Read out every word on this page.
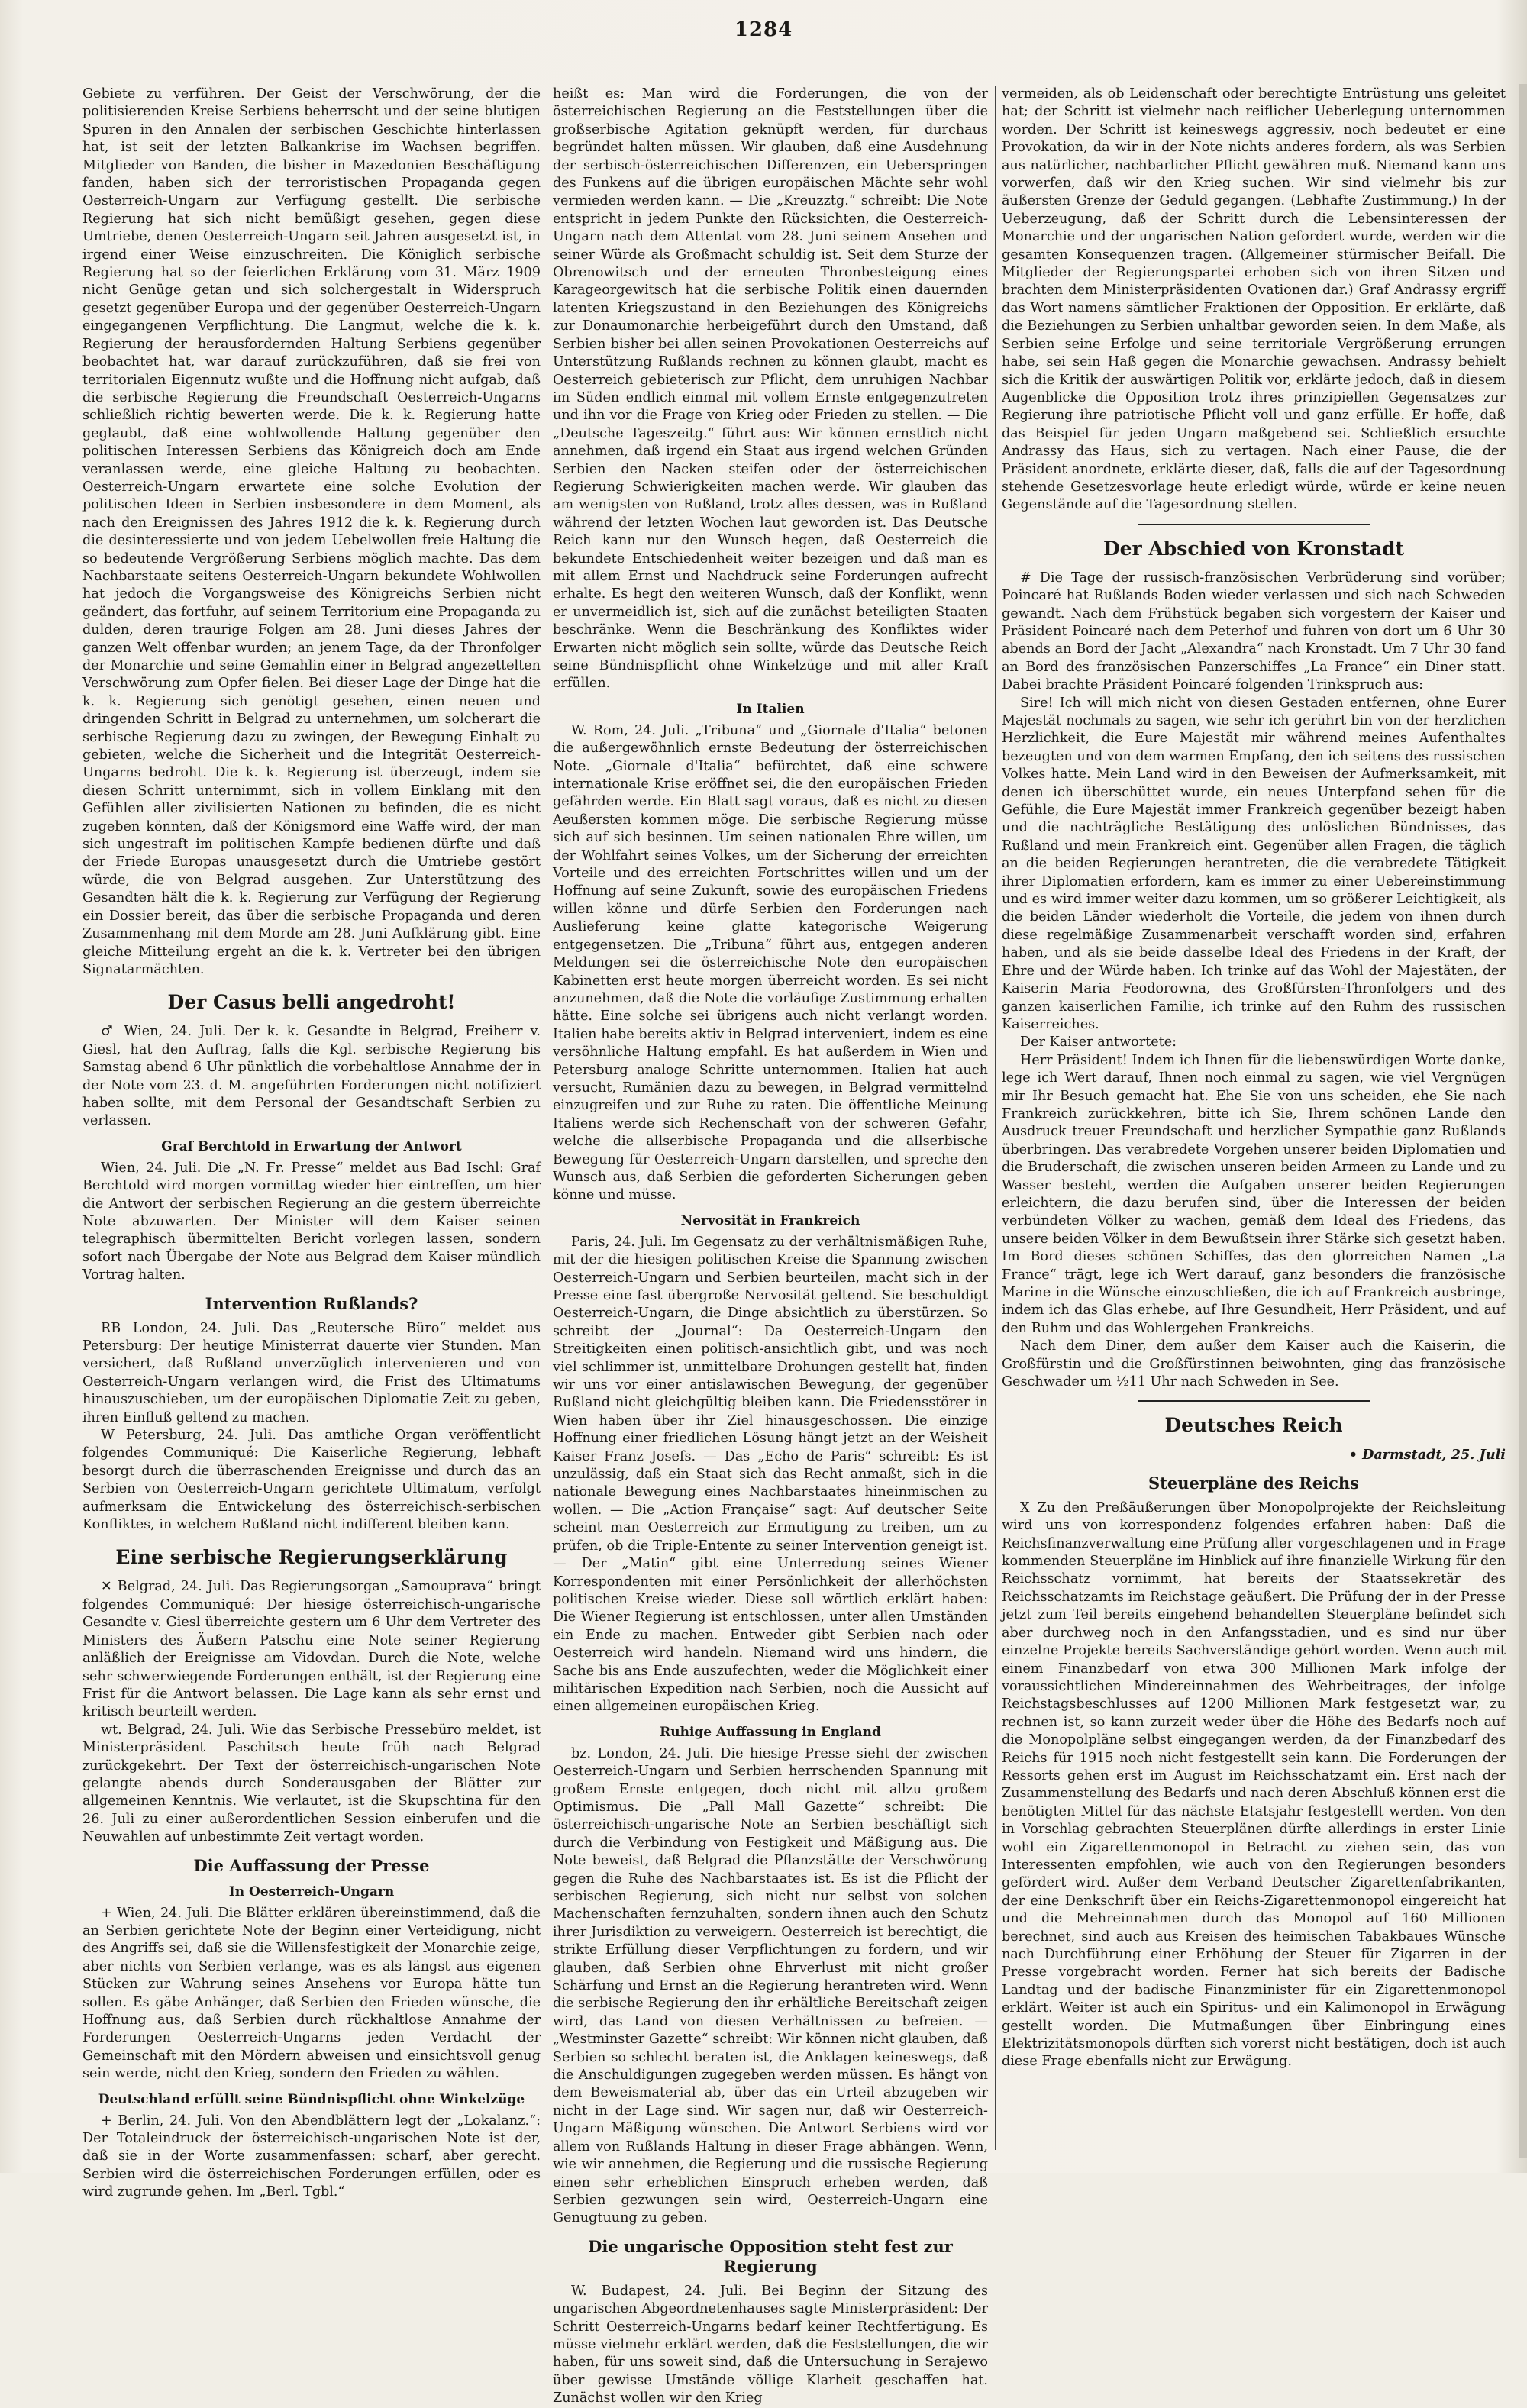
1284

Gebiete zu verführen. Der Geist der Verschwörung, der die politisierenden Kreise Serbiens beherrscht und der seine blutigen Spuren in den Annalen der serbischen Geschichte hinterlassen hat, ist seit der letzten Balkankrise im Wachsen begriffen. Mitglieder von Banden, die bisher in Mazedonien Beschäftigung fanden, haben sich der terroristischen Propaganda gegen Oesterreich-Ungarn zur Verfügung gestellt. Die serbische Regierung hat sich nicht bemüßigt gesehen, gegen diese Umtriebe, denen Oesterreich-Ungarn seit Jahren ausgesetzt ist, in irgend einer Weise einzuschreiten. Die Königlich serbische Regierung hat so der feierlichen Erklärung vom 31. März 1909 nicht Genüge getan und sich solchergestalt in Widerspruch gesetzt gegenüber Europa und der gegenüber Oesterreich-Ungarn eingegangenen Verpflichtung. Die Langmut, welche die k. k. Regierung der herausfordernden Haltung Serbiens gegenüber beobachtet hat, war darauf zurückzuführen, daß sie frei von territorialen Eigennutz wußte und die Hoffnung nicht aufgab, daß die serbische Regierung die Freundschaft Oesterreich-Ungarns schließlich richtig bewerten werde. Die k. k. Regierung hatte geglaubt, daß eine wohlwollende Haltung gegenüber den politischen Interessen Serbiens das Königreich doch am Ende veranlassen werde, eine gleiche Haltung zu beobachten. Oesterreich-Ungarn erwartete eine solche Evolution der politischen Ideen in Serbien insbesondere in dem Moment, als nach den Ereignissen des Jahres 1912 die k. k. Regierung durch die desinteressierte und von jedem Uebelwollen freie Haltung die so bedeutende Vergrößerung Serbiens möglich machte. Das dem Nachbarstaate seitens Oesterreich-Ungarn bekundete Wohlwollen hat jedoch die Vorgangsweise des Königreichs Serbien nicht geändert, das fortfuhr, auf seinem Territorium eine Propaganda zu dulden, deren traurige Folgen am 28. Juni dieses Jahres der ganzen Welt offenbar wurden; an jenem Tage, da der Thronfolger der Monarchie und seine Gemahlin einer in Belgrad angezettelten Verschwörung zum Opfer fielen. Bei dieser Lage der Dinge hat die k. k. Regierung sich genötigt gesehen, einen neuen und dringenden Schritt in Belgrad zu unternehmen, um solcherart die serbische Regierung dazu zu zwingen, der Bewegung Einhalt zu gebieten, welche die Sicherheit und die Integrität Oesterreich-Ungarns bedroht. Die k. k. Regierung ist überzeugt, indem sie diesen Schritt unternimmt, sich in vollem Einklang mit den Gefühlen aller zivilisierten Nationen zu befinden, die es nicht zugeben könnten, daß der Königsmord eine Waffe wird, der man sich ungestraft im politischen Kampfe bedienen dürfte und daß der Friede Europas unausgesetzt durch die Umtriebe gestört würde, die von Belgrad ausgehen. Zur Unterstützung des Gesandten hält die k. k. Regierung zur Verfügung der Regierung ein Dossier bereit, das über die serbische Propaganda und deren Zusammenhang mit dem Morde am 28. Juni Aufklärung gibt. Eine gleiche Mitteilung ergeht an die k. k. Vertreter bei den übrigen Signatarmächten.

Der Casus belli angedroht!

♂ Wien, 24. Juli. Der k. k. Gesandte in Belgrad, Freiherr v. Giesl, hat den Auftrag, falls die Kgl. serbische Regierung bis Samstag abend 6 Uhr pünktlich die vorbehaltlose Annahme der in der Note vom 23. d. M. angeführten Forderungen nicht notifiziert haben sollte, mit dem Personal der Gesandtschaft Serbien zu verlassen.

Graf Berchtold in Erwartung der Antwort

Wien, 24. Juli. Die „N. Fr. Presse“ meldet aus Bad Ischl: Graf Berchtold wird morgen vormittag wieder hier eintreffen, um hier die Antwort der serbischen Regierung an die gestern überreichte Note abzuwarten. Der Minister will dem Kaiser seinen telegraphisch übermittelten Bericht vorlegen lassen, sondern sofort nach Übergabe der Note aus Belgrad dem Kaiser mündlich Vortrag halten.

Intervention Rußlands?

RB London, 24. Juli. Das „Reutersche Büro“ meldet aus Petersburg: Der heutige Ministerrat dauerte vier Stunden. Man versichert, daß Rußland unverzüglich intervenieren und von Oesterreich-Ungarn verlangen wird, die Frist des Ultimatums hinauszuschieben, um der europäischen Diplomatie Zeit zu geben, ihren Einfluß geltend zu machen.

W Petersburg, 24. Juli. Das amtliche Organ veröffentlicht folgendes Communiqué: Die Kaiserliche Regierung, lebhaft besorgt durch die überraschenden Ereignisse und durch das an Serbien von Oesterreich-Ungarn gerichtete Ultimatum, verfolgt aufmerksam die Entwickelung des österreichisch-serbischen Konfliktes, in welchem Rußland nicht indifferent bleiben kann.

Eine serbische Regierungserklärung

✕ Belgrad, 24. Juli. Das Regierungsorgan „Samouprava“ bringt folgendes Communiqué: Der hiesige österreichisch-ungarische Gesandte v. Giesl überreichte gestern um 6 Uhr dem Vertreter des Ministers des Äußern Patschu eine Note seiner Regierung anläßlich der Ereignisse am Vidovdan. Durch die Note, welche sehr schwerwiegende Forderungen enthält, ist der Regierung eine Frist für die Antwort belassen. Die Lage kann als sehr ernst und kritisch beurteilt werden.

wt. Belgrad, 24. Juli. Wie das Serbische Pressebüro meldet, ist Ministerpräsident Paschitsch heute früh nach Belgrad zurückgekehrt. Der Text der österreichisch-ungarischen Note gelangte abends durch Sonderausgaben der Blätter zur allgemeinen Kenntnis. Wie verlautet, ist die Skupschtina für den 26. Juli zu einer außerordentlichen Session einberufen und die Neuwahlen auf unbestimmte Zeit vertagt worden.

Die Auffassung der Presse
In Oesterreich-Ungarn

+ Wien, 24. Juli. Die Blätter erklären übereinstimmend, daß die an Serbien gerichtete Note der Beginn einer Verteidigung, nicht des Angriffs sei, daß sie die Willensfestigkeit der Monarchie zeige, aber nichts von Serbien verlange, was es als längst aus eigenen Stücken zur Wahrung seines Ansehens vor Europa hätte tun sollen. Es gäbe Anhänger, daß Serbien den Frieden wünsche, die Hoffnung aus, daß Serbien durch rückhaltlose Annahme der Forderungen Oesterreich-Ungarns jeden Verdacht der Gemeinschaft mit den Mördern abweisen und einsichtsvoll genug sein werde, nicht den Krieg, sondern den Frieden zu wählen.

Deutschland erfüllt seine Bündnispflicht ohne Winkelzüge

+ Berlin, 24. Juli. Von den Abendblättern legt der „Lokalanz.“: Der Totaleindruck der österreichisch-ungarischen Note ist der, daß sie in der Worte zusammenfassen: scharf, aber gerecht. Serbien wird die österreichischen Forderungen erfüllen, oder es wird zugrunde gehen. Im „Berl. Tgbl.“

heißt es: Man wird die Forderungen, die von der österreichischen Regierung an die Feststellungen über die großserbische Agitation geknüpft werden, für durchaus begründet halten müssen. Wir glauben, daß eine Ausdehnung der serbisch-österreichischen Differenzen, ein Ueberspringen des Funkens auf die übrigen europäischen Mächte sehr wohl vermieden werden kann. — Die „Kreuzztg.“ schreibt: Die Note entspricht in jedem Punkte den Rücksichten, die Oesterreich-Ungarn nach dem Attentat vom 28. Juni seinem Ansehen und seiner Würde als Großmacht schuldig ist. Seit dem Sturze der Obrenowitsch und der erneuten Thronbesteigung eines Karageorgewitsch hat die serbische Politik einen dauernden latenten Kriegszustand in den Beziehungen des Königreichs zur Donaumonarchie herbeigeführt durch den Umstand, daß Serbien bisher bei allen seinen Provokationen Oesterreichs auf Unterstützung Rußlands rechnen zu können glaubt, macht es Oesterreich gebieterisch zur Pflicht, dem unruhigen Nachbar im Süden endlich einmal mit vollem Ernste entgegenzutreten und ihn vor die Frage von Krieg oder Frieden zu stellen. — Die „Deutsche Tageszeitg.“ führt aus: Wir können ernstlich nicht annehmen, daß irgend ein Staat aus irgend welchen Gründen Serbien den Nacken steifen oder der österreichischen Regierung Schwierigkeiten machen werde. Wir glauben das am wenigsten von Rußland, trotz alles dessen, was in Rußland während der letzten Wochen laut geworden ist. Das Deutsche Reich kann nur den Wunsch hegen, daß Oesterreich die bekundete Entschiedenheit weiter bezeigen und daß man es mit allem Ernst und Nachdruck seine Forderungen aufrecht erhalte. Es hegt den weiteren Wunsch, daß der Konflikt, wenn er unvermeidlich ist, sich auf die zunächst beteiligten Staaten beschränke. Wenn die Beschränkung des Konfliktes wider Erwarten nicht möglich sein sollte, würde das Deutsche Reich seine Bündnispflicht ohne Winkelzüge und mit aller Kraft erfüllen.

In Italien

W. Rom, 24. Juli. „Tribuna“ und „Giornale d'Italia“ betonen die außergewöhnlich ernste Bedeutung der österreichischen Note. „Giornale d'Italia“ befürchtet, daß eine schwere internationale Krise eröffnet sei, die den europäischen Frieden gefährden werde. Ein Blatt sagt voraus, daß es nicht zu diesen Aeußersten kommen möge. Die serbische Regierung müsse sich auf sich besinnen. Um seinen nationalen Ehre willen, um der Wohlfahrt seines Volkes, um der Sicherung der erreichten Vorteile und des erreichten Fortschrittes willen und um der Hoffnung auf seine Zukunft, sowie des europäischen Friedens willen könne und dürfe Serbien den Forderungen nach Auslieferung keine glatte kategorische Weigerung entgegensetzen. Die „Tribuna“ führt aus, entgegen anderen Meldungen sei die österreichische Note den europäischen Kabinetten erst heute morgen überreicht worden. Es sei nicht anzunehmen, daß die Note die vorläufige Zustimmung erhalten hätte. Eine solche sei übrigens auch nicht verlangt worden. Italien habe bereits aktiv in Belgrad interveniert, indem es eine versöhnliche Haltung empfahl. Es hat außerdem in Wien und Petersburg analoge Schritte unternommen. Italien hat auch versucht, Rumänien dazu zu bewegen, in Belgrad vermittelnd einzugreifen und zur Ruhe zu raten. Die öffentliche Meinung Italiens werde sich Rechenschaft von der schweren Gefahr, welche die allserbische Propaganda und die allserbische Bewegung für Oesterreich-Ungarn darstellen, und spreche den Wunsch aus, daß Serbien die geforderten Sicherungen geben könne und müsse.

Nervosität in Frankreich

Paris, 24. Juli. Im Gegensatz zu der verhältnismäßigen Ruhe, mit der die hiesigen politischen Kreise die Spannung zwischen Oesterreich-Ungarn und Serbien beurteilen, macht sich in der Presse eine fast übergroße Nervosität geltend. Sie beschuldigt Oesterreich-Ungarn, die Dinge absichtlich zu überstürzen. So schreibt der „Journal“: Da Oesterreich-Ungarn den Streitigkeiten einen politisch-ansichtlich gibt, und was noch viel schlimmer ist, unmittelbare Drohungen gestellt hat, finden wir uns vor einer antislawischen Bewegung, der gegenüber Rußland nicht gleichgültig bleiben kann. Die Friedensstörer in Wien haben über ihr Ziel hinausgeschossen. Die einzige Hoffnung einer friedlichen Lösung hängt jetzt an der Weisheit Kaiser Franz Josefs. — Das „Echo de Paris“ schreibt: Es ist unzulässig, daß ein Staat sich das Recht anmaßt, sich in die nationale Bewegung eines Nachbarstaates hineinmischen zu wollen. — Die „Action Française“ sagt: Auf deutscher Seite scheint man Oesterreich zur Ermutigung zu treiben, um zu prüfen, ob die Triple-Entente zu seiner Intervention geneigt ist. — Der „Matin“ gibt eine Unterredung seines Wiener Korrespondenten mit einer Persönlichkeit der allerhöchsten politischen Kreise wieder. Diese soll wörtlich erklärt haben: Die Wiener Regierung ist entschlossen, unter allen Umständen ein Ende zu machen. Entweder gibt Serbien nach oder Oesterreich wird handeln. Niemand wird uns hindern, die Sache bis ans Ende auszufechten, weder die Möglichkeit einer militärischen Expedition nach Serbien, noch die Aussicht auf einen allgemeinen europäischen Krieg.

Ruhige Auffassung in England

bz. London, 24. Juli. Die hiesige Presse sieht der zwischen Oesterreich-Ungarn und Serbien herrschenden Spannung mit großem Ernste entgegen, doch nicht mit allzu großem Optimismus. Die „Pall Mall Gazette“ schreibt: Die österreichisch-ungarische Note an Serbien beschäftigt sich durch die Verbindung von Festigkeit und Mäßigung aus. Die Note beweist, daß Belgrad die Pflanzstätte der Verschwörung gegen die Ruhe des Nachbarstaates ist. Es ist die Pflicht der serbischen Regierung, sich nicht nur selbst von solchen Machenschaften fernzuhalten, sondern ihnen auch den Schutz ihrer Jurisdiktion zu verweigern. Oesterreich ist berechtigt, die strikte Erfüllung dieser Verpflichtungen zu fordern, und wir glauben, daß Serbien ohne Ehrverlust mit nicht großer Schärfung und Ernst an die Regierung herantreten wird. Wenn die serbische Regierung den ihr erhältliche Bereitschaft zeigen wird, das Land von diesen Verhältnissen zu befreien. — „Westminster Gazette“ schreibt: Wir können nicht glauben, daß Serbien so schlecht beraten ist, die Anklagen keineswegs, daß die Anschuldigungen zugegeben werden müssen. Es hängt von dem Beweismaterial ab, über das ein Urteil abzugeben wir nicht in der Lage sind. Wir sagen nur, daß wir Oesterreich-Ungarn Mäßigung wünschen. Die Antwort Serbiens wird vor allem von Rußlands Haltung in dieser Frage abhängen. Wenn, wie wir annehmen, die Regierung und die russische Regierung einen sehr erheblichen Einspruch erheben werden, daß Serbien gezwungen sein wird, Oesterreich-Ungarn eine Genugtuung zu geben.

Die ungarische Opposition steht fest zur Regierung

W. Budapest, 24. Juli. Bei Beginn der Sitzung des ungarischen Abgeordnetenhauses sagte Ministerpräsident: Der Schritt Oesterreich-Ungarns bedarf keiner Rechtfertigung. Es müsse vielmehr erklärt werden, daß die Feststellungen, die wir haben, für uns soweit sind, daß die Untersuchung in Serajewo über gewisse Umstände völlige Klarheit geschaffen hat. Zunächst wollen wir den Krieg

vermeiden, als ob Leidenschaft oder berechtigte Entrüstung uns geleitet hat; der Schritt ist vielmehr nach reiflicher Ueberlegung unternommen worden. Der Schritt ist keineswegs aggressiv, noch bedeutet er eine Provokation, da wir in der Note nichts anderes fordern, als was Serbien aus natürlicher, nachbarlicher Pflicht gewähren muß. Niemand kann uns vorwerfen, daß wir den Krieg suchen. Wir sind vielmehr bis zur äußersten Grenze der Geduld gegangen. (Lebhafte Zustimmung.) In der Ueberzeugung, daß der Schritt durch die Lebensinteressen der Monarchie und der ungarischen Nation gefordert wurde, werden wir die gesamten Konsequenzen tragen. (Allgemeiner stürmischer Beifall. Die Mitglieder der Regierungspartei erhoben sich von ihren Sitzen und brachten dem Ministerpräsidenten Ovationen dar.) Graf Andrassy ergriff das Wort namens sämtlicher Fraktionen der Opposition. Er erklärte, daß die Beziehungen zu Serbien unhaltbar geworden seien. In dem Maße, als Serbien seine Erfolge und seine territoriale Vergrößerung errungen habe, sei sein Haß gegen die Monarchie gewachsen. Andrassy behielt sich die Kritik der auswärtigen Politik vor, erklärte jedoch, daß in diesem Augenblicke die Opposition trotz ihres prinzipiellen Gegensatzes zur Regierung ihre patriotische Pflicht voll und ganz erfülle. Er hoffe, daß das Beispiel für jeden Ungarn maßgebend sei. Schließlich ersuchte Andrassy das Haus, sich zu vertagen. Nach einer Pause, die der Präsident anordnete, erklärte dieser, daß, falls die auf der Tagesordnung stehende Gesetzesvorlage heute erledigt würde, würde er keine neuen Gegenstände auf die Tagesordnung stellen.

Der Abschied von Kronstadt

# Die Tage der russisch-französischen Verbrüderung sind vorüber; Poincaré hat Rußlands Boden wieder verlassen und sich nach Schweden gewandt. Nach dem Frühstück begaben sich vorgestern der Kaiser und Präsident Poincaré nach dem Peterhof und fuhren von dort um 6 Uhr 30 abends an Bord der Jacht „Alexandra“ nach Kronstadt. Um 7 Uhr 30 fand an Bord des französischen Panzerschiffes „La France“ ein Diner statt. Dabei brachte Präsident Poincaré folgenden Trinkspruch aus:

Sire! Ich will mich nicht von diesen Gestaden entfernen, ohne Eurer Majestät nochmals zu sagen, wie sehr ich gerührt bin von der herzlichen Herzlichkeit, die Eure Majestät mir während meines Aufenthaltes bezeugten und von dem warmen Empfang, den ich seitens des russischen Volkes hatte. Mein Land wird in den Beweisen der Aufmerksamkeit, mit denen ich überschüttet wurde, ein neues Unterpfand sehen für die Gefühle, die Eure Majestät immer Frankreich gegenüber bezeigt haben und die nachträgliche Bestätigung des unlöslichen Bündnisses, das Rußland und mein Frankreich eint. Gegenüber allen Fragen, die täglich an die beiden Regierungen herantreten, die die verabredete Tätigkeit ihrer Diplomatien erfordern, kam es immer zu einer Uebereinstimmung und es wird immer weiter dazu kommen, um so größerer Leichtigkeit, als die beiden Länder wiederholt die Vorteile, die jedem von ihnen durch diese regelmäßige Zusammenarbeit verschafft worden sind, erfahren haben, und als sie beide dasselbe Ideal des Friedens in der Kraft, der Ehre und der Würde haben. Ich trinke auf das Wohl der Majestäten, der Kaiserin Maria Feodorowna, des Großfürsten-Thronfolgers und des ganzen kaiserlichen Familie, ich trinke auf den Ruhm des russischen Kaiserreiches.

Der Kaiser antwortete:

Herr Präsident! Indem ich Ihnen für die liebenswürdigen Worte danke, lege ich Wert darauf, Ihnen noch einmal zu sagen, wie viel Vergnügen mir Ihr Besuch gemacht hat. Ehe Sie von uns scheiden, ehe Sie nach Frankreich zurückkehren, bitte ich Sie, Ihrem schönen Lande den Ausdruck treuer Freundschaft und herzlicher Sympathie ganz Rußlands überbringen. Das verabredete Vorgehen unserer beiden Diplomatien und die Bruderschaft, die zwischen unseren beiden Armeen zu Lande und zu Wasser besteht, werden die Aufgaben unserer beiden Regierungen erleichtern, die dazu berufen sind, über die Interessen der beiden verbündeten Völker zu wachen, gemäß dem Ideal des Friedens, das unsere beiden Völker in dem Bewußtsein ihrer Stärke sich gesetzt haben. Im Bord dieses schönen Schiffes, das den glorreichen Namen „La France“ trägt, lege ich Wert darauf, ganz besonders die französische Marine in die Wünsche einzuschließen, die ich auf Frankreich ausbringe, indem ich das Glas erhebe, auf Ihre Gesundheit, Herr Präsident, und auf den Ruhm und das Wohlergehen Frankreichs.

Nach dem Diner, dem außer dem Kaiser auch die Kaiserin, die Großfürstin und die Großfürstinnen beiwohnten, ging das französische Geschwader um ½11 Uhr nach Schweden in See.

Deutsches Reich
• Darmstadt, 25. Juli
Steuerpläne des Reichs

X Zu den Preßäußerungen über Monopolprojekte der Reichsleitung wird uns von korrespondenz folgendes erfahren haben: Daß die Reichsfinanzverwaltung eine Prüfung aller vorgeschlagenen und in Frage kommenden Steuerpläne im Hinblick auf ihre finanzielle Wirkung für den Reichsschatz vornimmt, hat bereits der Staatssekretär des Reichsschatzamts im Reichstage geäußert. Die Prüfung der in der Presse jetzt zum Teil bereits eingehend behandelten Steuerpläne befindet sich aber durchweg noch in den Anfangsstadien, und es sind nur über einzelne Projekte bereits Sachverständige gehört worden. Wenn auch mit einem Finanzbedarf von etwa 300 Millionen Mark infolge der voraussichtlichen Mindereinnahmen des Wehrbeitrages, der infolge Reichstagsbeschlusses auf 1200 Millionen Mark festgesetzt war, zu rechnen ist, so kann zurzeit weder über die Höhe des Bedarfs noch auf die Monopolpläne selbst eingegangen werden, da der Finanzbedarf des Reichs für 1915 noch nicht festgestellt sein kann. Die Forderungen der Ressorts gehen erst im August im Reichsschatzamt ein. Erst nach der Zusammenstellung des Bedarfs und nach deren Abschluß können erst die benötigten Mittel für das nächste Etatsjahr festgestellt werden. Von den in Vorschlag gebrachten Steuerplänen dürfte allerdings in erster Linie wohl ein Zigarettenmonopol in Betracht zu ziehen sein, das von Interessenten empfohlen, wie auch von den Regierungen besonders gefördert wird. Außer dem Verband Deutscher Zigarettenfabrikanten, der eine Denkschrift über ein Reichs-Zigarettenmonopol eingereicht hat und die Mehreinnahmen durch das Monopol auf 160 Millionen berechnet, sind auch aus Kreisen des heimischen Tabakbaues Wünsche nach Durchführung einer Erhöhung der Steuer für Zigarren in der Presse vorgebracht worden. Ferner hat sich bereits der Badische Landtag und der badische Finanzminister für ein Zigarettenmonopol erklärt. Weiter ist auch ein Spiritus- und ein Kalimonopol in Erwägung gestellt worden. Die Mutmaßungen über Einbringung eines Elektrizitätsmonopols dürften sich vorerst nicht bestätigen, doch ist auch diese Frage ebenfalls nicht zur Erwägung.
